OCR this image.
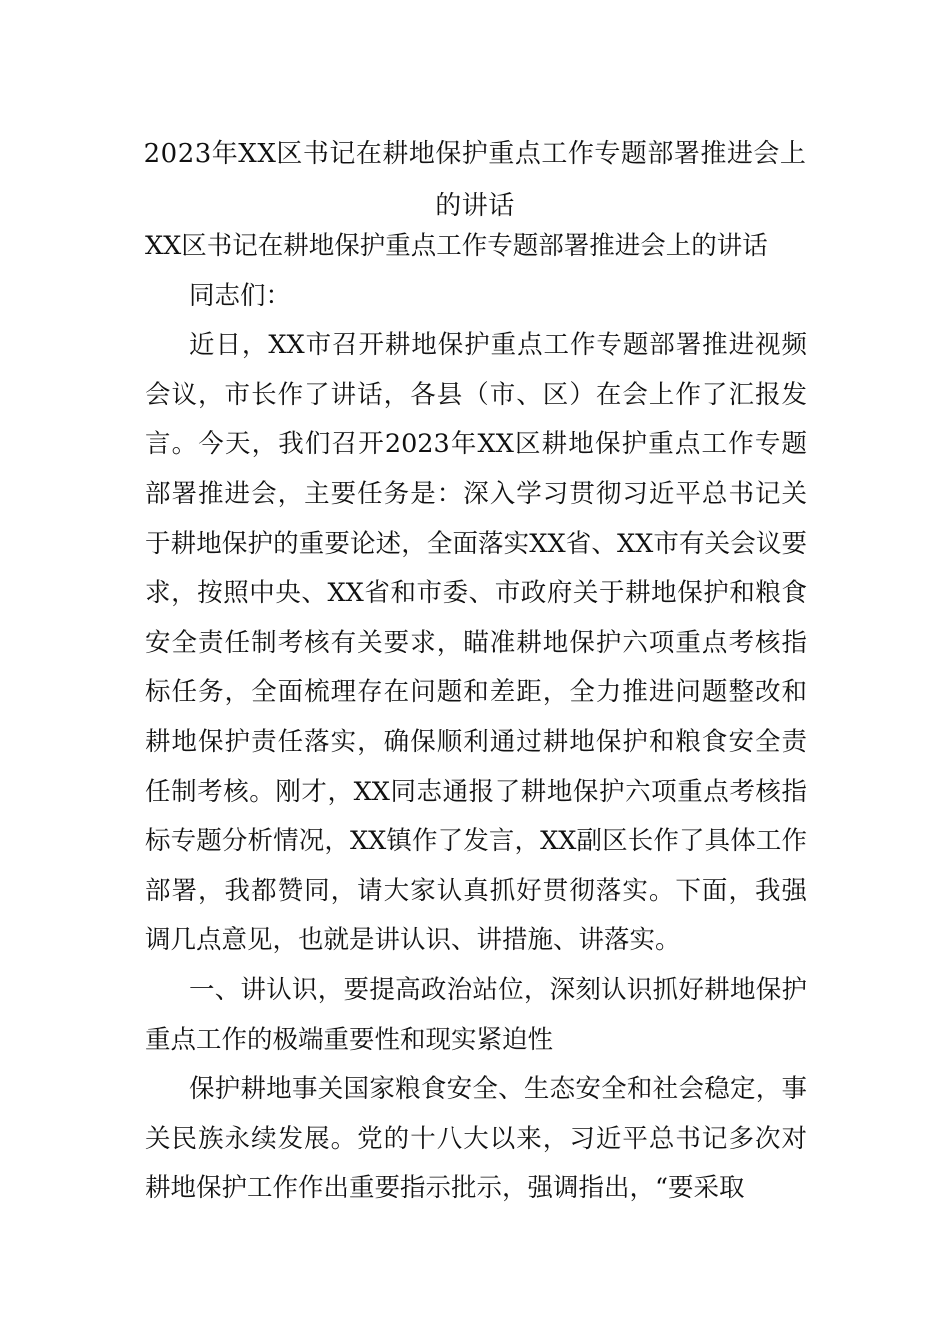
2023年XX区书记在耕地保护重点工作专题部署推进会上的讲话

XX区书记在耕地保护重点工作专题部署推进会上的讲话

同志们：

近日，XX市召开耕地保护重点工作专题部署推进视频会议，市长作了讲话，各县（市、区）在会上作了汇报发言。今天，我们召开2023年XX区耕地保护重点工作专题部署推进会，主要任务是：深入学习贯彻习近平总书记关于耕地保护的重要论述，全面落实XX省、XX市有关会议要求，按照中央、XX省和市委、市政府关于耕地保护和粮食安全责任制考核有关要求，瞄准耕地保护六项重点考核指标任务，全面梳理存在问题和差距，全力推进问题整改和耕地保护责任落实，确保顺利通过耕地保护和粮食安全责任制考核。刚才，XX同志通报了耕地保护六项重点考核指标专题分析情况，XX镇作了发言，XX副区长作了具体工作部署，我都赞同，请大家认真抓好贯彻落实。下面，我强调几点意见，也就是讲认识、讲措施、讲落实。

一、讲认识，要提高政治站位，深刻认识抓好耕地保护重点工作的极端重要性和现实紧迫性

保护耕地事关国家粮食安全、生态安全和社会稳定，事关民族永续发展。党的十八大以来，习近平总书记多次对耕地保护工作作出重要指示批示，强调指出，“要采取
